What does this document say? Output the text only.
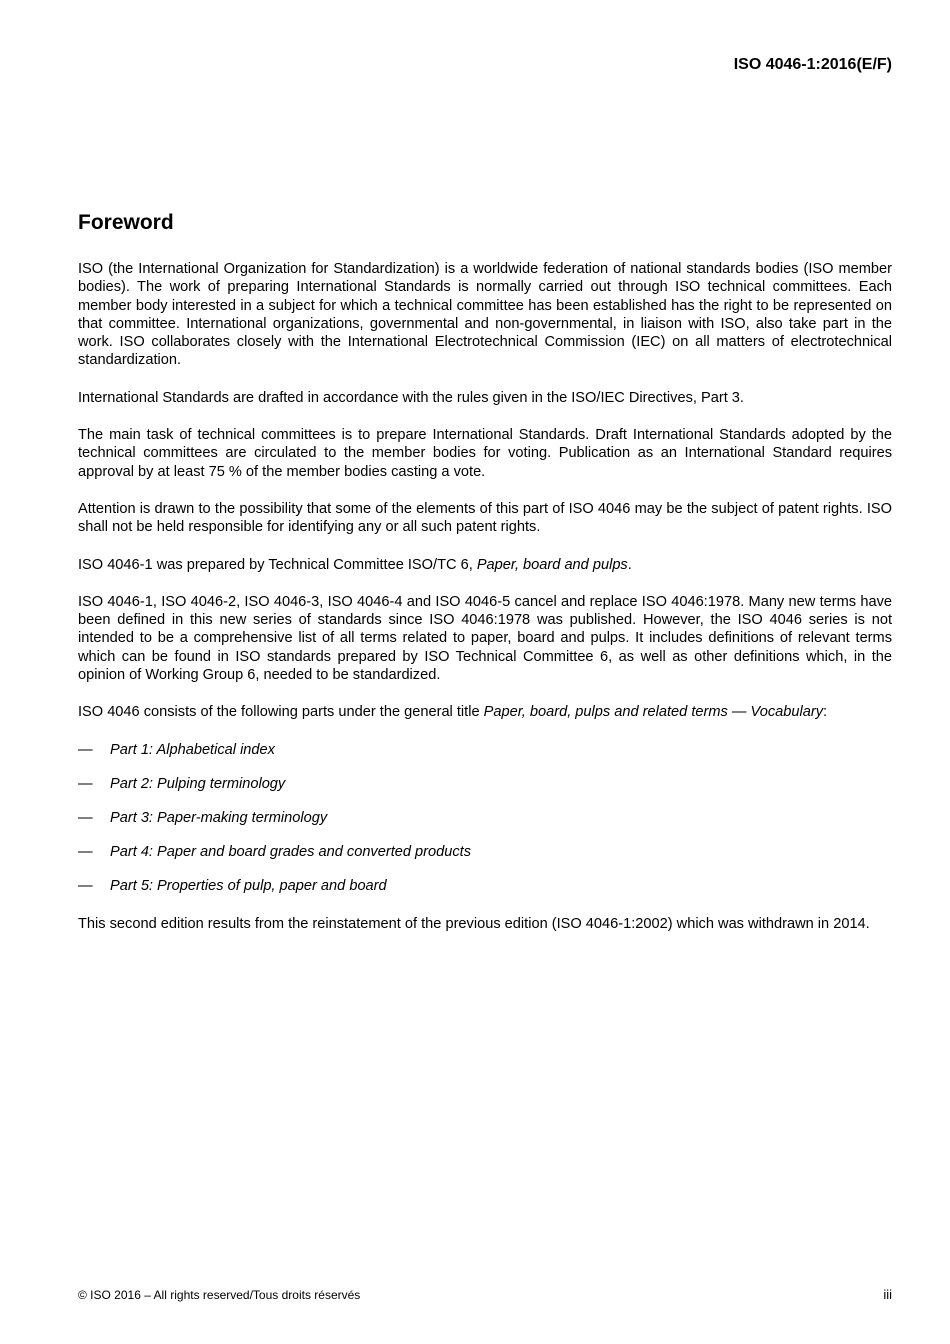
ISO 4046-1:2016(E/F)

Foreword

ISO (the International Organization for Standardization) is a worldwide federation of national standards bodies (ISO member bodies). The work of preparing International Standards is normally carried out through ISO technical committees. Each member body interested in a subject for which a technical committee has been established has the right to be represented on that committee. International organizations, governmental and non-governmental, in liaison with ISO, also take part in the work. ISO collaborates closely with the International Electrotechnical Commission (IEC) on all matters of electrotechnical standardization.

International Standards are drafted in accordance with the rules given in the ISO/IEC Directives, Part 3.

The main task of technical committees is to prepare International Standards. Draft International Standards adopted by the technical committees are circulated to the member bodies for voting. Publication as an International Standard requires approval by at least 75 % of the member bodies casting a vote.

Attention is drawn to the possibility that some of the elements of this part of ISO 4046 may be the subject of patent rights. ISO shall not be held responsible for identifying any or all such patent rights.

ISO 4046-1 was prepared by Technical Committee ISO/TC 6, Paper, board and pulps.

ISO 4046-1, ISO 4046-2, ISO 4046-3, ISO 4046-4 and ISO 4046-5 cancel and replace ISO 4046:1978. Many new terms have been defined in this new series of standards since ISO 4046:1978 was published. However, the ISO 4046 series is not intended to be a comprehensive list of all terms related to paper, board and pulps. It includes definitions of relevant terms which can be found in ISO standards prepared by ISO Technical Committee 6, as well as other definitions which, in the opinion of Working Group 6, needed to be standardized.

ISO 4046 consists of the following parts under the general title Paper, board, pulps and related terms — Vocabulary:

—	Part 1: Alphabetical index
—	Part 2: Pulping terminology
—	Part 3: Paper-making terminology
—	Part 4: Paper and board grades and converted products
—	Part 5: Properties of pulp, paper and board

This second edition results from the reinstatement of the previous edition (ISO 4046-1:2002) which was withdrawn in 2014.

© ISO 2016 – All rights reserved/Tous droits réservés	iii
